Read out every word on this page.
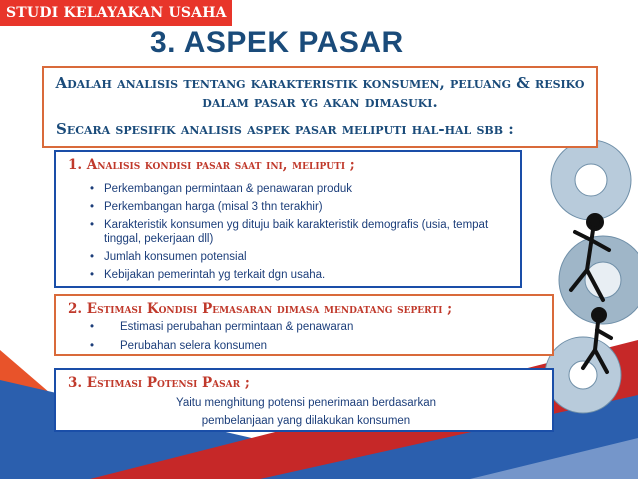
STUDI KELAYAKAN USAHA
3. ASPEK PASAR

Adalah analisis tentang karakteristik konsumen, peluang & resiko dalam pasar yg akan dimasuki.

Secara spesifik analisis aspek pasar meliputi hal-hal sbb :

1. Analisis kondisi pasar saat ini, meliputi ;
• Perkembangan permintaan & penawaran produk
• Perkembangan harga (misal 3 thn terakhir)
• Karakteristik konsumen yg dituju baik karakteristik demografis (usia, tempat tinggal, pekerjaan dll)
• Jumlah konsumen potensial
• Kebijakan pemerintah yg terkait dgn usaha.
2. Estimasi Kondisi Pemasaran dimasa mendatang seperti ;
• Estimasi perubahan permintaan & penawaran
• Perubahan selera konsumen
3. Estimasi Potensi Pasar ;
Yaitu menghitung potensi penerimaan berdasarkan
pembelanjaan yang dilakukan konsumen
